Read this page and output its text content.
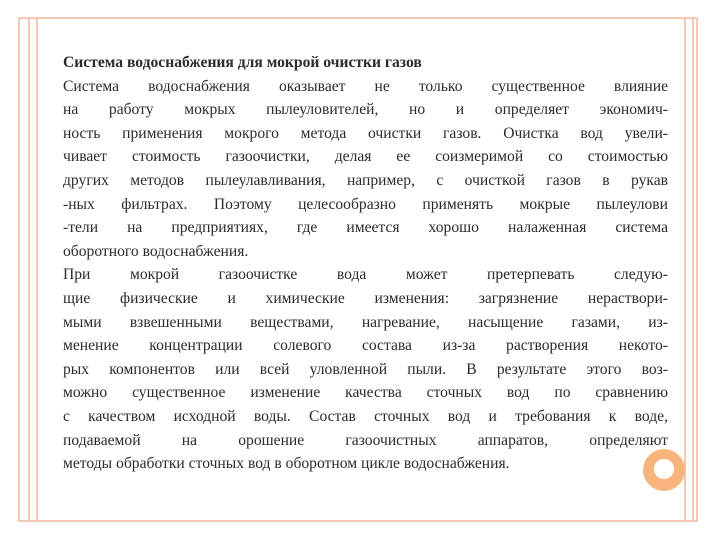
Система водоснабжения для мокрой очистки газов
Система водоснабжения оказывает не только существенное влияние
на работу мокрых пылеуловителей, но и определяет экономич-
ность применения мокрого метода очистки газов. Очистка вод увели-
чивает стоимость газоочистки, делая ее соизмеримой со стоимостью
других методов пылеулавливания, например, с очисткой газов в рукав
-ных фильтрах. Поэтому целесообразно применять мокрые пылеулови
-тели на предприятиях, где имеется хорошо налаженная система
оборотного водоснабжения.
При мокрой газоочистке вода может претерпевать следую-
щие физические и химические изменения: загрязнение нераствори-
мыми взвешенными веществами, нагревание, насыщение газами, из-
менение концентрации солевого состава из-за растворения некото-
рых компонентов или всей уловленной пыли. В результате этого воз-
можно существенное изменение качества сточных вод по сравнению
с качеством исходной воды. Состав сточных вод и требования к воде,
подаваемой на орошение газоочистных аппаратов, определяют
методы обработки сточных вод в оборотном цикле водоснабжения.
